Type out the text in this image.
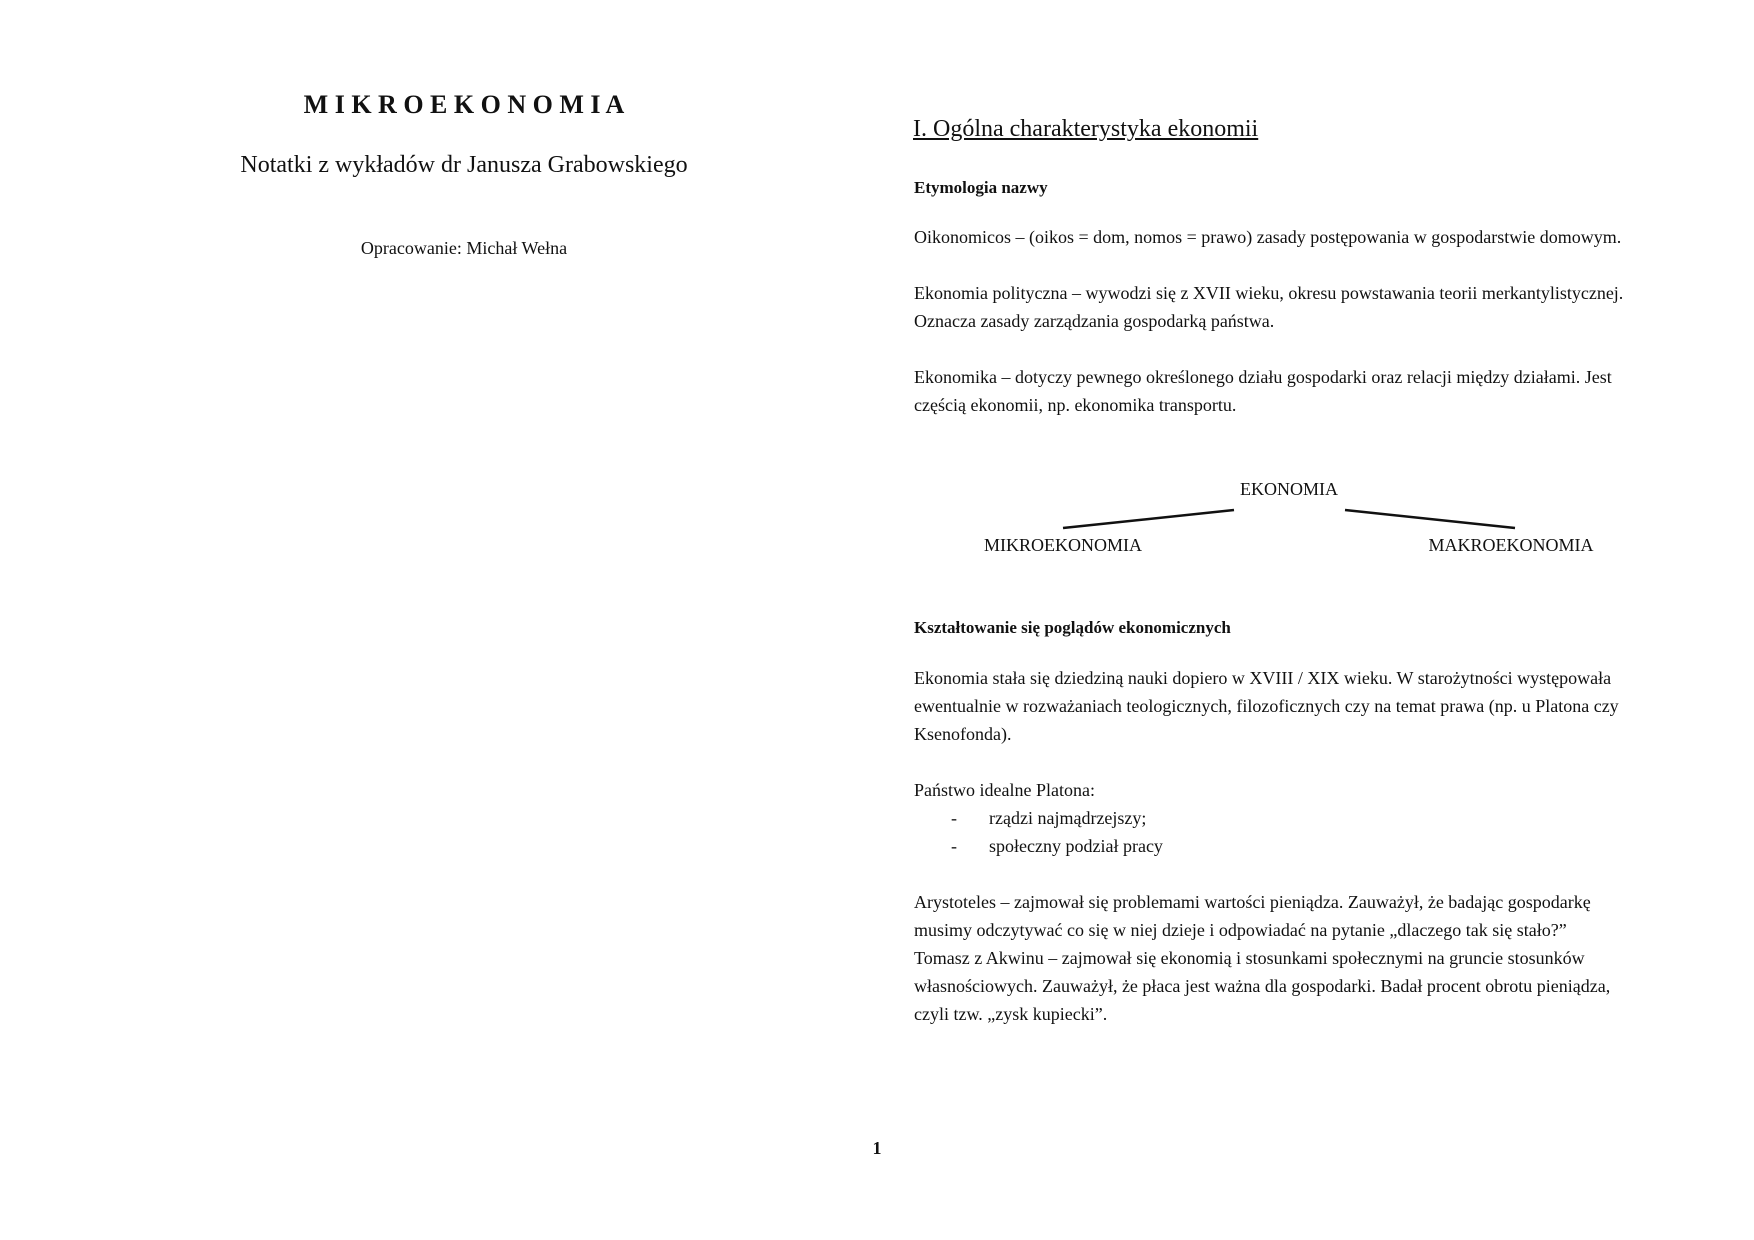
M I K R O E K O N O M I A
Notatki z wykładów dr Janusza Grabowskiego
Opracowanie: Michał Wełna
I. Ogólna charakterystyka ekonomii
Etymologia nazwy
Oikonomicos – (oikos = dom, nomos = prawo) zasady postępowania w gospodarstwie domowym.
Ekonomia polityczna – wywodzi się z XVII wieku, okresu powstawania teorii merkantylistycznej.
Oznacza zasady zarządzania gospodarką państwa.
Ekonomika – dotyczy pewnego określonego działu gospodarki oraz relacji między działami. Jest
częścią ekonomii, np. ekonomika transportu.
EKONOMIA
MIKROEKONOMIA	MAKROEKONOMIA
Kształtowanie się poglądów ekonomicznych
Ekonomia stała się dziedziną nauki dopiero w XVIII / XIX wieku. W starożytności występowała
ewentualnie w rozważaniach teologicznych, filozoficznych czy na temat prawa (np. u Platona czy
Ksenofonda).
Państwo idealne Platona:
- rządzi najmądrzejszy;
- społeczny podział pracy
Arystoteles – zajmował się problemami wartości pieniądza. Zauważył, że badając gospodarkę
musimy odczytywać co się w niej dzieje i odpowiadać na pytanie „dlaczego tak się stało?”
Tomasz z Akwinu – zajmował się ekonomią i stosunkami społecznymi na gruncie stosunków
własnościowych. Zauważył, że płaca jest ważna dla gospodarki. Badał procent obrotu pieniądza,
czyli tzw. „zysk kupiecki”.
1
